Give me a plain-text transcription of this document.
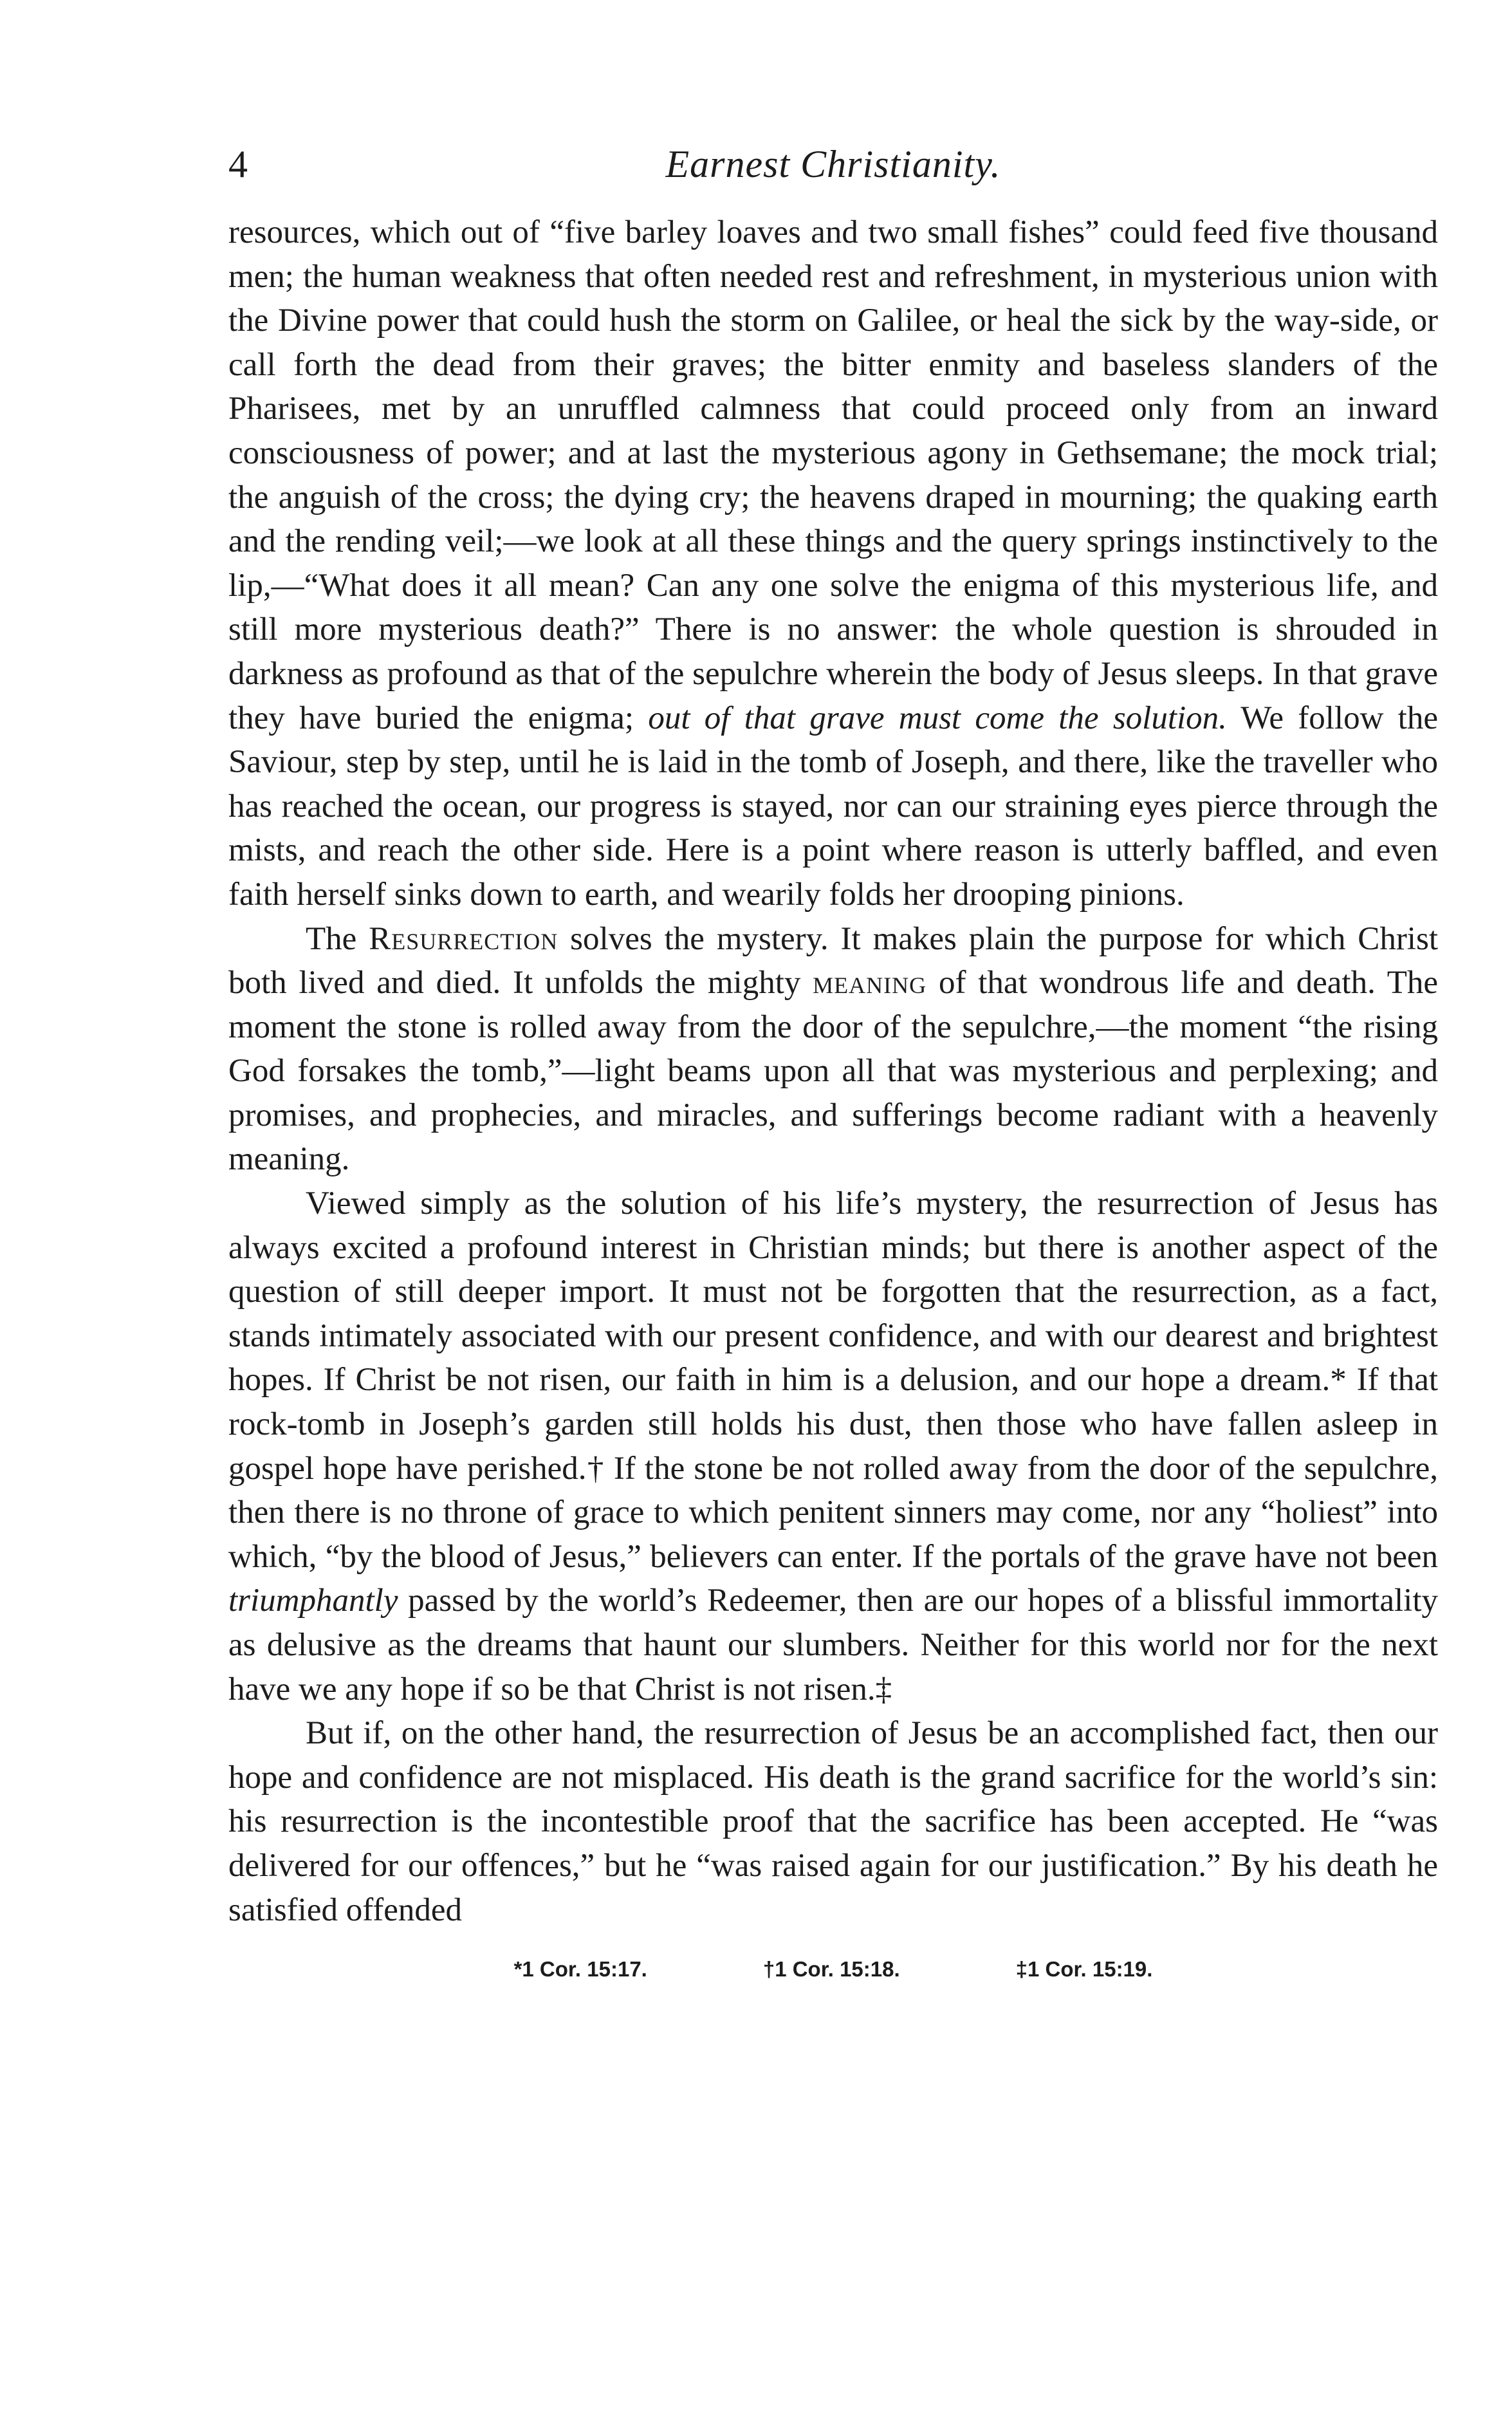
4	Earnest Christianity.

resources, which out of “five barley loaves and two small fishes” could feed five thousand men; the human weakness that often needed rest and refreshment, in mysterious union with the Divine power that could hush the storm on Galilee, or heal the sick by the way-side, or call forth the dead from their graves; the bitter enmity and baseless slanders of the Pharisees, met by an unruffled calmness that could proceed only from an inward consciousness of power; and at last the mysterious agony in Gethsemane; the mock trial; the anguish of the cross; the dying cry; the heavens draped in mourning; the quaking earth and the rending veil;—we look at all these things and the query springs instinctively to the lip,—“What does it all mean? Can any one solve the enigma of this mysterious life, and still more mysterious death?” There is no answer: the whole question is shrouded in darkness as profound as that of the sepulchre wherein the body of Jesus sleeps. In that grave they have buried the enigma; out of that grave must come the solution. We follow the Saviour, step by step, until he is laid in the tomb of Joseph, and there, like the traveller who has reached the ocean, our progress is stayed, nor can our straining eyes pierce through the mists, and reach the other side. Here is a point where reason is utterly baffled, and even faith herself sinks down to earth, and wearily folds her drooping pinions.

The Resurrection solves the mystery. It makes plain the purpose for which Christ both lived and died. It unfolds the mighty meaning of that wondrous life and death. The moment the stone is rolled away from the door of the sepulchre,—the moment “the rising God forsakes the tomb,”—light beams upon all that was mysterious and perplexing; and promises, and prophecies, and miracles, and sufferings become radiant with a heavenly meaning.

Viewed simply as the solution of his life’s mystery, the resurrection of Jesus has always excited a profound interest in Christian minds; but there is another aspect of the question of still deeper import. It must not be forgotten that the resurrection, as a fact, stands intimately associated with our present confidence, and with our dearest and brightest hopes. If Christ be not risen, our faith in him is a delusion, and our hope a dream.* If that rock-tomb in Joseph’s garden still holds his dust, then those who have fallen asleep in gospel hope have perished.† If the stone be not rolled away from the door of the sepulchre, then there is no throne of grace to which penitent sinners may come, nor any “holiest” into which, “by the blood of Jesus,” believers can enter. If the portals of the grave have not been triumphantly passed by the world’s Redeemer, then are our hopes of a blissful immortality as delusive as the dreams that haunt our slumbers. Neither for this world nor for the next have we any hope if so be that Christ is not risen.‡

But if, on the other hand, the resurrection of Jesus be an accomplished fact, then our hope and confidence are not misplaced. His death is the grand sacrifice for the world’s sin: his resurrection is the incontestible proof that the sacrifice has been accepted. He “was delivered for our offences,” but he “was raised again for our justification.” By his death he satisfied offended

*1 Cor. 15:17.	†1 Cor. 15:18.	‡1 Cor. 15:19.
